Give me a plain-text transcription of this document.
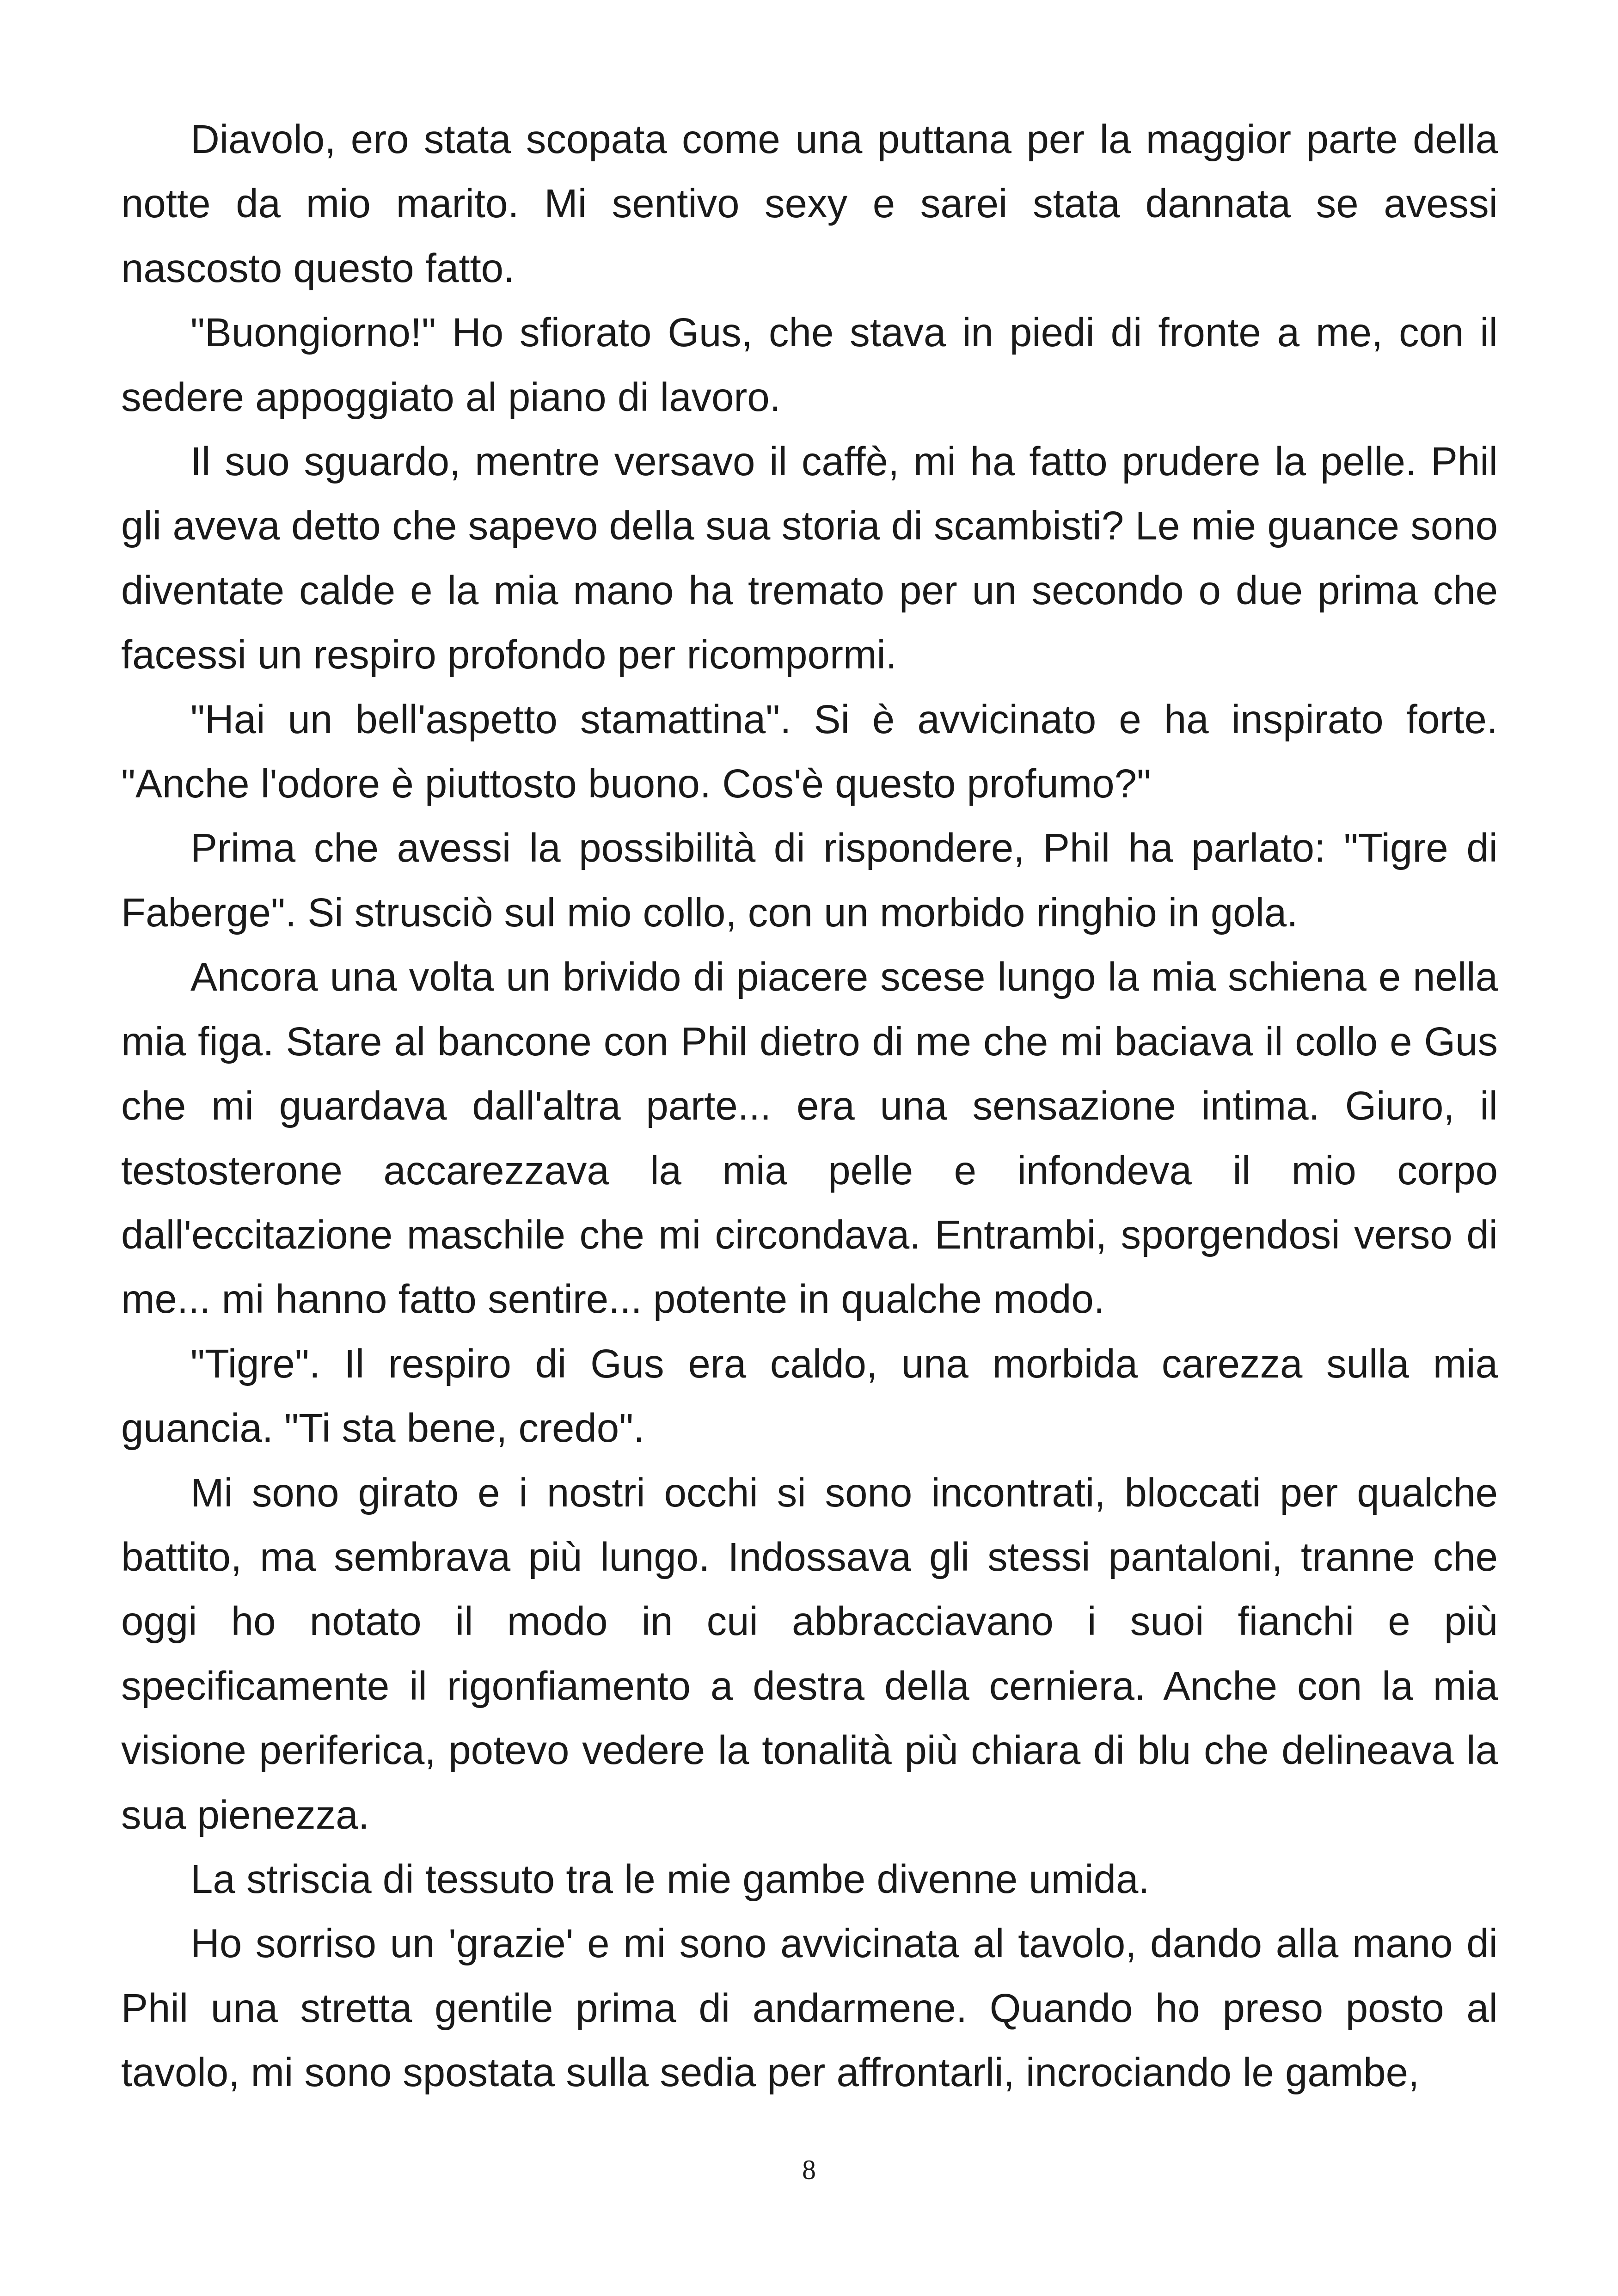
Diavolo, ero stata scopata come una puttana per la maggior parte della notte da mio marito. Mi sentivo sexy e sarei stata dannata se avessi nascosto questo fatto.

"Buongiorno!" Ho sfiorato Gus, che stava in piedi di fronte a me, con il sedere appoggiato al piano di lavoro.

Il suo sguardo, mentre versavo il caffè, mi ha fatto prudere la pelle. Phil gli aveva detto che sapevo della sua storia di scambisti? Le mie guance sono diventate calde e la mia mano ha tremato per un secondo o due prima che facessi un respiro profondo per ricompormi.

"Hai un bell'aspetto stamattina". Si è avvicinato e ha inspirato forte. "Anche l'odore è piuttosto buono. Cos'è questo profumo?"

Prima che avessi la possibilità di rispondere, Phil ha parlato: "Tigre di Faberge". Si strusciò sul mio collo, con un morbido ringhio in gola.

Ancora una volta un brivido di piacere scese lungo la mia schiena e nella mia figa. Stare al bancone con Phil dietro di me che mi baciava il collo e Gus che mi guardava dall'altra parte... era una sensazione intima. Giuro, il testosterone accarezzava la mia pelle e infondeva il mio corpo dall'eccitazione maschile che mi circondava. Entrambi, sporgendosi verso di me... mi hanno fatto sentire... potente in qualche modo.

"Tigre". Il respiro di Gus era caldo, una morbida carezza sulla mia guancia. "Ti sta bene, credo".

Mi sono girato e i nostri occhi si sono incontrati, bloccati per qualche battito, ma sembrava più lungo. Indossava gli stessi pantaloni, tranne che oggi ho notato il modo in cui abbracciavano i suoi fianchi e più specificamente il rigonfiamento a destra della cerniera. Anche con la mia visione periferica, potevo vedere la tonalità più chiara di blu che delineava la sua pienezza.

La striscia di tessuto tra le mie gambe divenne umida.

Ho sorriso un 'grazie' e mi sono avvicinata al tavolo, dando alla mano di Phil una stretta gentile prima di andarmene. Quando ho preso posto al tavolo, mi sono spostata sulla sedia per affrontarli, incrociando le gambe,

8
